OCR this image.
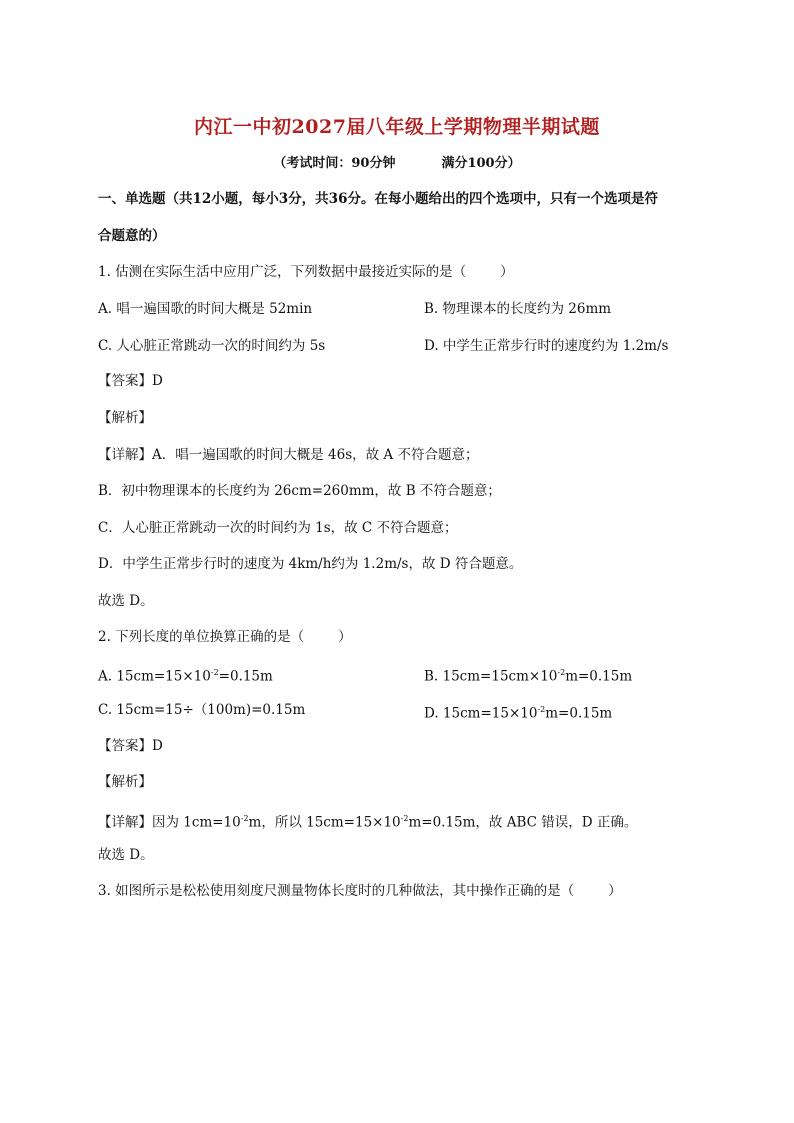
内江一中初2027届八年级上学期物理半期试题
（考试时间：90分钟	满分100分）
一、单选题（共12小题，每小3分，共36分。在每小题给出的四个选项中，只有一个选项是符
合题意的）
1. 估测在实际生活中应用广泛，下列数据中最接近实际的是（	）
A. 唱一遍国歌的时间大概是 52min	B. 物理课本的长度约为 26mm
C. 人心脏正常跳动一次的时间约为 5s	D. 中学生正常步行时的速度约为 1.2m/s
【答案】D
【解析】
【详解】A．唱一遍国歌的时间大概是 46s，故 A 不符合题意；
B．初中物理课本的长度约为 26cm=260mm，故 B 不符合题意；
C．人心脏正常跳动一次的时间约为 1s，故 C 不符合题意；
D．中学生正常步行时的速度为 4km/h约为 1.2m/s，故 D 符合题意。
故选 D。
2. 下列长度的单位换算正确的是（	）
A. $15cm=15\times 10^{-2}=0.15m$	B. $15cm=15cm\times 10^{-2}m=0.15m$
C. 15cm=15÷（100m)=0.15m	D. $15cm=15\times 10^{-2}m=0.15m$
【答案】D
【解析】
【详解】因为 $1cm=10^{-2}m$，所以 $15cm=15\times 10^{-2}m=0.15m$，故 ABC 错误，D 正确。
故选 D。
3. 如图所示是松松使用刻度尺测量物体长度时的几种做法，其中操作正确的是（	）
